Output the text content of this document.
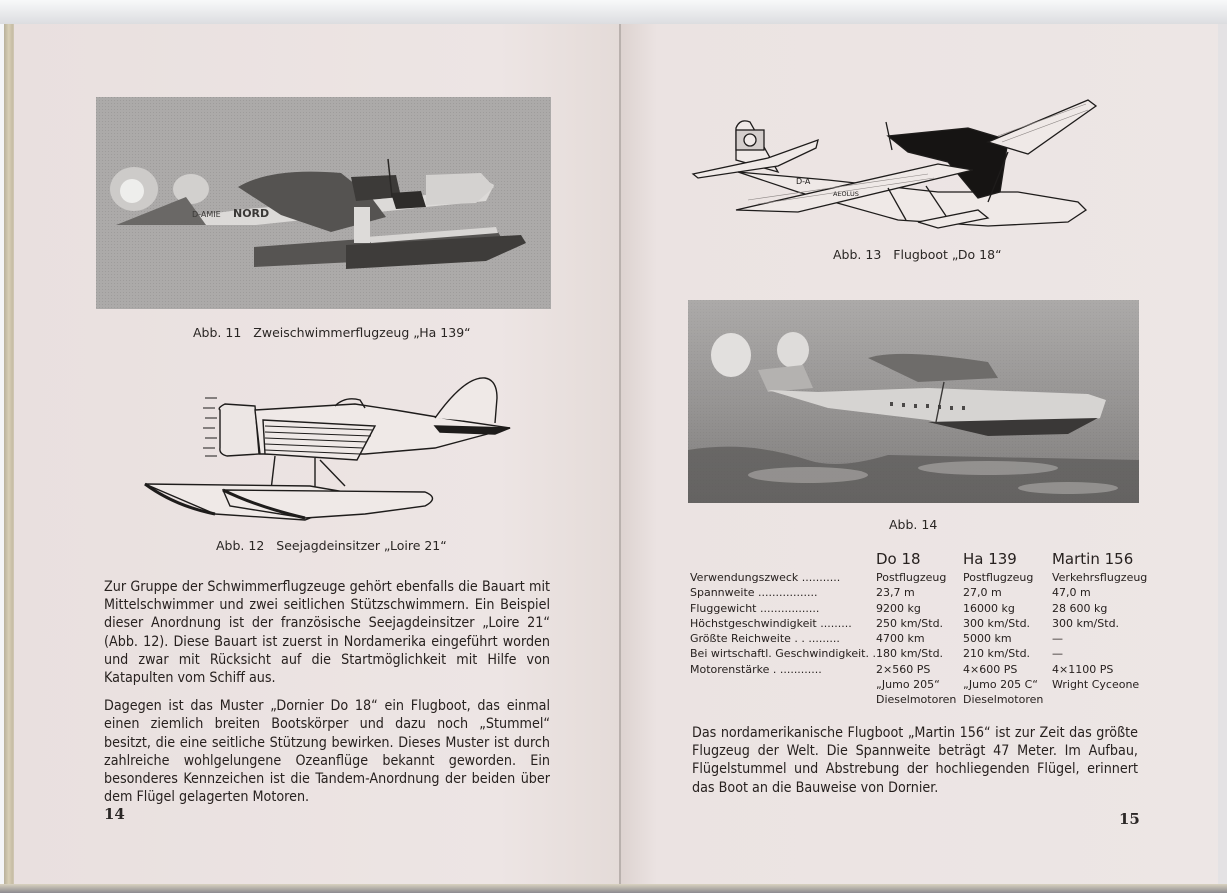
D-AMIE NORD
Abb. 11 Zweischwimmerflugzeug „Ha 139“
Abb. 12 Seejagdeinsitzer „Loire 21“

Zur Gruppe der Schwimmerflugzeuge gehört ebenfalls die Bauart mit Mittelschwimmer und zwei seitlichen Stützschwimmern. Ein Beispiel dieser Anordnung ist der französische Seejagdeinsitzer „Loire 21“ (Abb. 12). Diese Bauart ist zuerst in Nordamerika eingeführt worden und zwar mit Rücksicht auf die Startmöglichkeit mit Hilfe von Katapulten vom Schiff aus.

Dagegen ist das Muster „Dornier Do 18“ ein Flugboot, das einmal einen ziemlich breiten Bootskörper und dazu noch „Stummel“ besitzt, die eine seitliche Stützung bewirken. Dieses Muster ist durch zahlreiche wohlgelungene Ozeanflüge bekannt geworden. Ein besonderes Kennzeichen ist die Tandem-Anordnung der beiden über dem Flügel gelagerten Motoren.

14
AEOLUS
D-A
Abb. 13 Flugboot „Do 18“
Abb. 14
	Do 18	Ha 139	Martin 156
Verwendungszweck ...........	Postflugzeug	Postflugzeug	Verkehrsflugzeug
Spannweite .................	23,7 m	27,0 m	47,0 m
Fluggewicht .................	9200 kg	16000 kg	28 600 kg
Höchstgeschwindigkeit .........	250 km/Std.	300 km/Std.	300 km/Std.
Größte Reichweite . . .........	4700 km	5000 km	—
Bei wirtschaftl. Geschwindigkeit. .	180 km/Std.	210 km/Std.	—
Motorenstärke . ............	2×560 PS	4×600 PS	4×1100 PS
	„Jumo 205“	„Jumo 205 C“	Wright Cyceone
	Dieselmotoren	Dieselmotoren	

Das nordamerikanische Flugboot „Martin 156“ ist zur Zeit das größte Flugzeug der Welt. Die Spannweite beträgt 47 Meter. Im Aufbau, Flügelstummel und Abstrebung der hochliegenden Flügel, erinnert das Boot an die Bauweise von Dornier.

15
